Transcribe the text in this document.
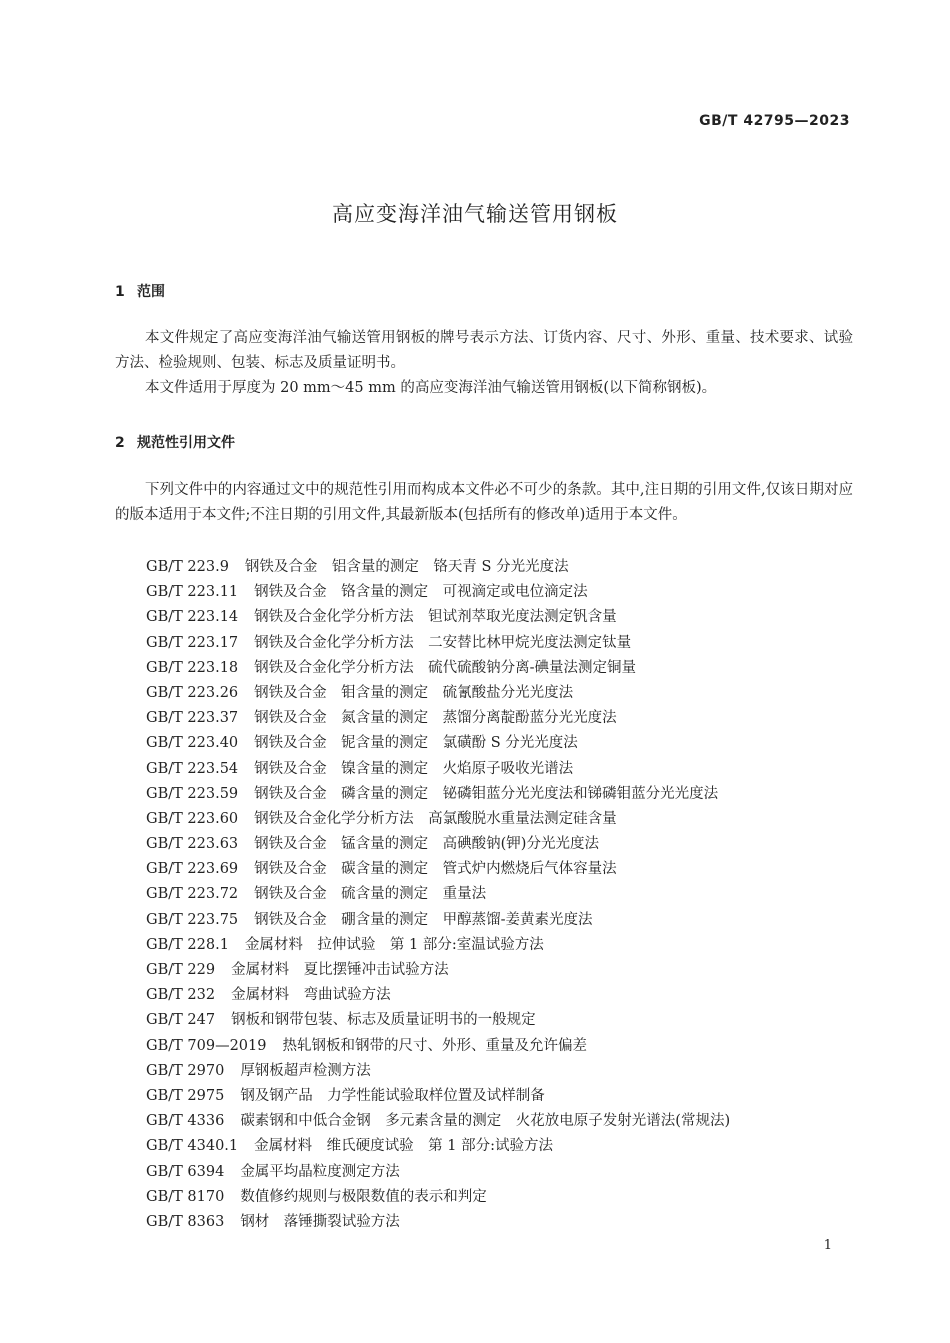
GB/T 42795—2023
高应变海洋油气输送管用钢板
1 范围

本文件规定了高应变海洋油气输送管用钢板的牌号表示方法、订货内容、尺寸、外形、重量、技术要求、试验方法、检验规则、包装、标志及质量证明书。

本文件适用于厚度为 20 mm～45 mm 的高应变海洋油气输送管用钢板(以下简称钢板)。

2 规范性引用文件

下列文件中的内容通过文中的规范性引用而构成本文件必不可少的条款。其中,注日期的引用文件,仅该日期对应的版本适用于本文件;不注日期的引用文件,其最新版本(包括所有的修改单)适用于本文件。

GB/T 223.9 钢铁及合金　铝含量的测定　铬天青 S 分光光度法
GB/T 223.11 钢铁及合金　铬含量的测定　可视滴定或电位滴定法
GB/T 223.14 钢铁及合金化学分析方法　钽试剂萃取光度法测定钒含量
GB/T 223.17 钢铁及合金化学分析方法　二安替比林甲烷光度法测定钛量
GB/T 223.18 钢铁及合金化学分析方法　硫代硫酸钠分离-碘量法测定铜量
GB/T 223.26 钢铁及合金　钼含量的测定　硫氰酸盐分光光度法
GB/T 223.37 钢铁及合金　氮含量的测定　蒸馏分离靛酚蓝分光光度法
GB/T 223.40 钢铁及合金　铌含量的测定　氯磺酚 S 分光光度法
GB/T 223.54 钢铁及合金　镍含量的测定　火焰原子吸收光谱法
GB/T 223.59 钢铁及合金　磷含量的测定　铋磷钼蓝分光光度法和锑磷钼蓝分光光度法
GB/T 223.60 钢铁及合金化学分析方法　高氯酸脱水重量法测定硅含量
GB/T 223.63 钢铁及合金　锰含量的测定　高碘酸钠(钾)分光光度法
GB/T 223.69 钢铁及合金　碳含量的测定　管式炉内燃烧后气体容量法
GB/T 223.72 钢铁及合金　硫含量的测定　重量法
GB/T 223.75 钢铁及合金　硼含量的测定　甲醇蒸馏-姜黄素光度法
GB/T 228.1 金属材料　拉伸试验　第 1 部分:室温试验方法
GB/T 229 金属材料　夏比摆锤冲击试验方法
GB/T 232 金属材料　弯曲试验方法
GB/T 247 钢板和钢带包装、标志及质量证明书的一般规定
GB/T 709—2019 热轧钢板和钢带的尺寸、外形、重量及允许偏差
GB/T 2970 厚钢板超声检测方法
GB/T 2975 钢及钢产品　力学性能试验取样位置及试样制备
GB/T 4336 碳素钢和中低合金钢　多元素含量的测定　火花放电原子发射光谱法(常规法)
GB/T 4340.1 金属材料　维氏硬度试验　第 1 部分:试验方法
GB/T 6394 金属平均晶粒度测定方法
GB/T 8170 数值修约规则与极限数值的表示和判定
GB/T 8363 钢材　落锤撕裂试验方法
1
